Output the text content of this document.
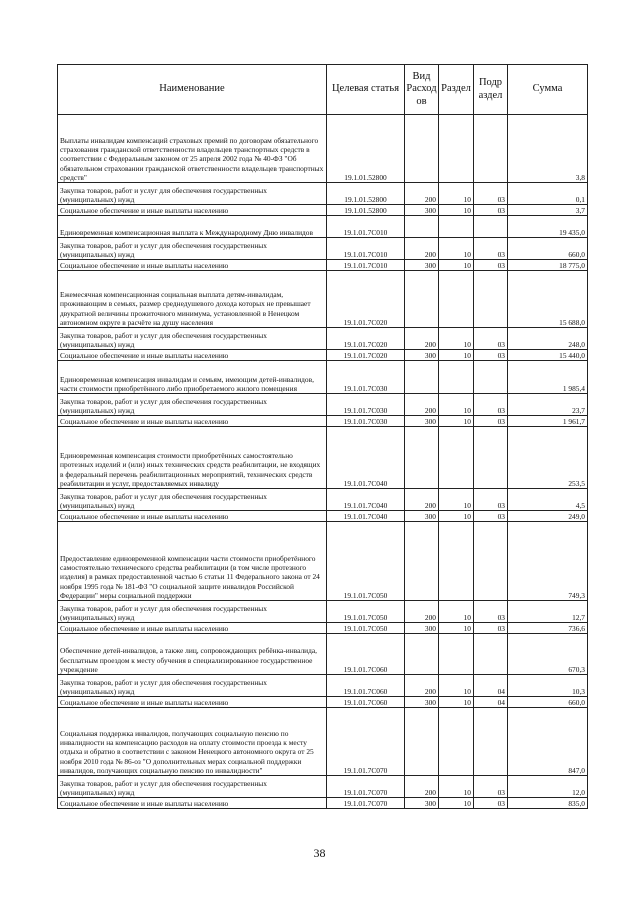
Наименование	Целевая статья	Вид Расход ов	Раздел	Подр аздел	Сумма
Выплаты инвалидам компенсаций страховых премий по договорам обязательного страхования гражданской ответственности владельцев транспортных средств в соответствии с Федеральным законом от 25 апреля 2002 года № 40-ФЗ "Об обязательном страховании гражданской ответственности владельцев транспортных средств"	19.1.01.52800				3,8
Закупка товаров, работ и услуг для обеспечения государственных (муниципальных) нужд	19.1.01.52800	200	10	03	0,1
Социальное обеспечение и иные выплаты населению	19.1.01.52800	300	10	03	3,7
Единовременная компенсационная выплата к Международному Дню инвалидов	19.1.01.7С010				19 435,0
Закупка товаров, работ и услуг для обеспечения государственных (муниципальных) нужд	19.1.01.7С010	200	10	03	660,0
Социальное обеспечение и иные выплаты населению	19.1.01.7С010	300	10	03	18 775,0
Ежемесячная компенсационная социальная выплата детям-инвалидам, проживающим в семьях, размер среднедушевого дохода которых не превышает двукратной величины прожиточного минимума, установленной в Ненецком автономном округе в расчёте на душу населения	19.1.01.7С020				15 688,0
Закупка товаров, работ и услуг для обеспечения государственных (муниципальных) нужд	19.1.01.7С020	200	10	03	248,0
Социальное обеспечение и иные выплаты населению	19.1.01.7С020	300	10	03	15 440,0
Единовременная компенсация инвалидам и семьям, имеющим детей-инвалидов, части стоимости приобретённого либо приобретаемого жилого помещения	19.1.01.7С030				1 985,4
Закупка товаров, работ и услуг для обеспечения государственных (муниципальных) нужд	19.1.01.7С030	200	10	03	23,7
Социальное обеспечение и иные выплаты населению	19.1.01.7С030	300	10	03	1 961,7
Единовременная компенсация стоимости приобретённых самостоятельно протезных изделий и (или) иных технических средств реабилитации, не входящих в федеральный перечень реабилитационных мероприятий, технических средств реабилитации и услуг, предоставляемых инвалиду	19.1.01.7С040				253,5
Закупка товаров, работ и услуг для обеспечения государственных (муниципальных) нужд	19.1.01.7С040	200	10	03	4,5
Социальное обеспечение и иные выплаты населению	19.1.01.7С040	300	10	03	249,0
Предоставление единовременной компенсации части стоимости приобретённого самостоятельно технического средства реабилитации (в том числе протезного изделия) в рамках предоставленной частью 6 статьи 11 Федерального закона от 24 ноября 1995 года № 181-ФЗ "О социальной защите инвалидов Российской Федерации" меры социальной поддержки	19.1.01.7С050				749,3
Закупка товаров, работ и услуг для обеспечения государственных (муниципальных) нужд	19.1.01.7С050	200	10	03	12,7
Социальное обеспечение и иные выплаты населению	19.1.01.7С050	300	10	03	736,6
Обеспечение детей-инвалидов, а также лиц, сопровождающих ребёнка-инвалида, бесплатным проездом к месту обучения в специализированное государственное учреждение	19.1.01.7С060				670,3
Закупка товаров, работ и услуг для обеспечения государственных (муниципальных) нужд	19.1.01.7С060	200	10	04	10,3
Социальное обеспечение и иные выплаты населению	19.1.01.7С060	300	10	04	660,0
Социальная поддержка инвалидов, получающих социальную пенсию по инвалидности на компенсацию расходов на оплату стоимости проезда к месту отдыха и обратно в соответствии с законом Ненецкого автономного округа от 25 ноября 2010 года № 86-оз "О дополнительных мерах социальной поддержки инвалидов, получающих социальную пенсию по инвалидности"	19.1.01.7С070				847,0
Закупка товаров, работ и услуг для обеспечения государственных (муниципальных) нужд	19.1.01.7С070	200	10	03	12,0
Социальное обеспечение и иные выплаты населению	19.1.01.7С070	300	10	03	835,0
38
